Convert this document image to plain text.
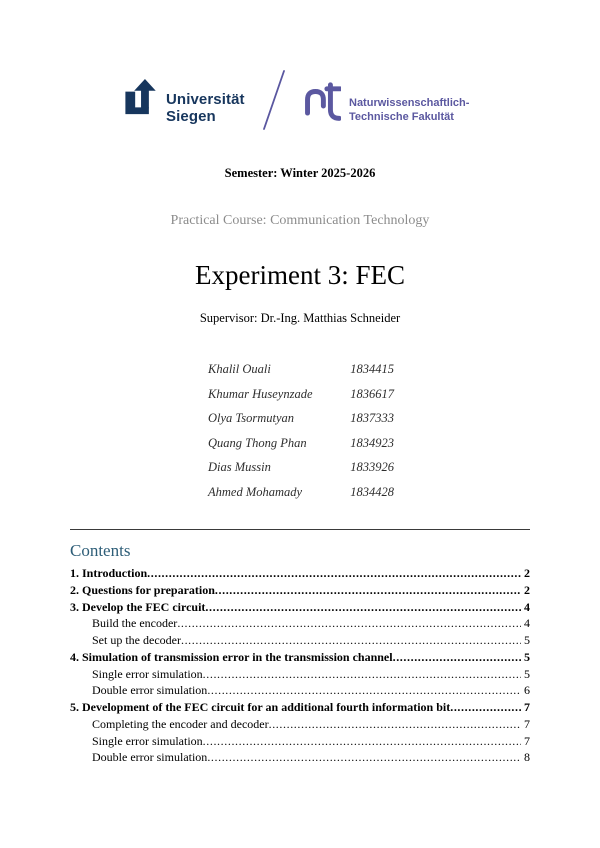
Universität
Siegen
Naturwissenschaftlich-
Technische Fakultät
Semester: Winter 2025-2026
Practical Course: Communication Technology
Experiment 3: FEC
Supervisor: Dr.-Ing. Matthias Schneider
Khalil Ouali	1834415
Khumar Huseynzade	1836617
Olya Tsormutyan	1837333
Quang Thong Phan	1834923
Dias Mussin	1833926
Ahmed Mohamady	1834428
Contents
1. Introduction .....	2
2. Questions for preparation .....	2
3. Develop the FEC circuit .....	4
Build the encoder .....	4
Set up the decoder .....	5
4. Simulation of transmission error in the transmission channel .....	5
Single error simulation .....	5
Double error simulation .....	6
5. Development of the FEC circuit for an additional fourth information bit .....	7
Completing the encoder and decoder .....	7
Single error simulation .....	7
Double error simulation .....	8
